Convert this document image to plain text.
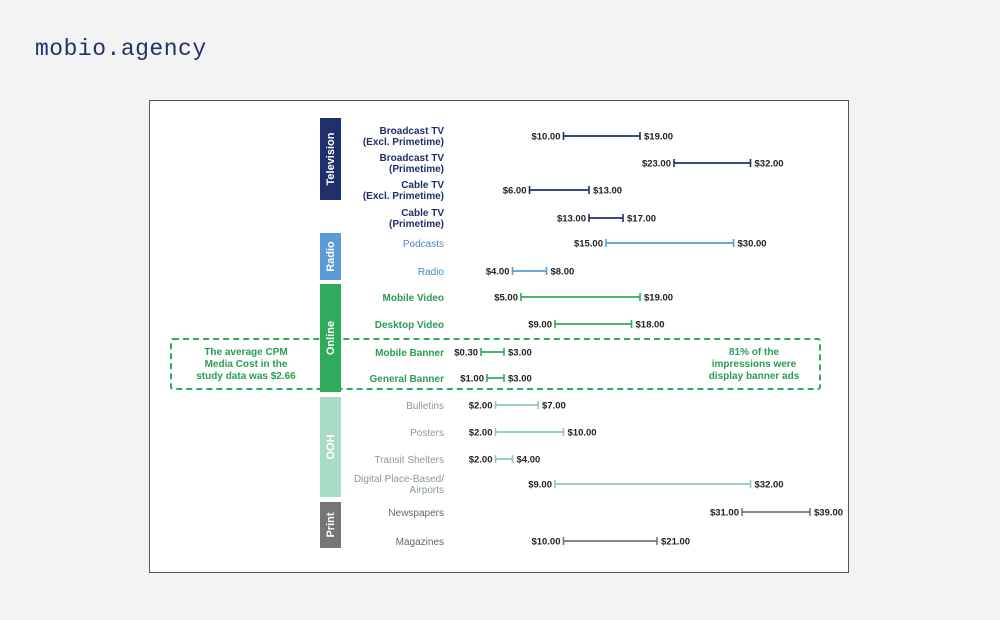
mobio.agency
Television
Broadcast TV
(Excl. Primetime)	$10.00	$19.00
Broadcast TV
(Primetime)	$23.00	$32.00
Cable TV
(Excl. Primetime)	$6.00	$13.00
Cable TV
(Primetime)	$13.00	$17.00
Radio	Podcasts	$15.00	$30.00
Radio	$4.00	$8.00
Online
Mobile Video	$5.00	$19.00
Desktop Video	$9.00	$18.00
Mobile Banner $0.30	$3.00
General Banner $1.00	$3.00
OOH
Bulletins	$2.00	$7.00
Posters	$2.00	$10.00
Transit Shelters	$2.00	$4.00
Digital Place-Based/
Airports	$9.00	$32.00
Print	Newspapers	$31.00	$39.00
Magazines	$10.00	$21.00
The average CPM
Media Cost in the
study data was $2.66
81% of the
impressions were
display banner ads
